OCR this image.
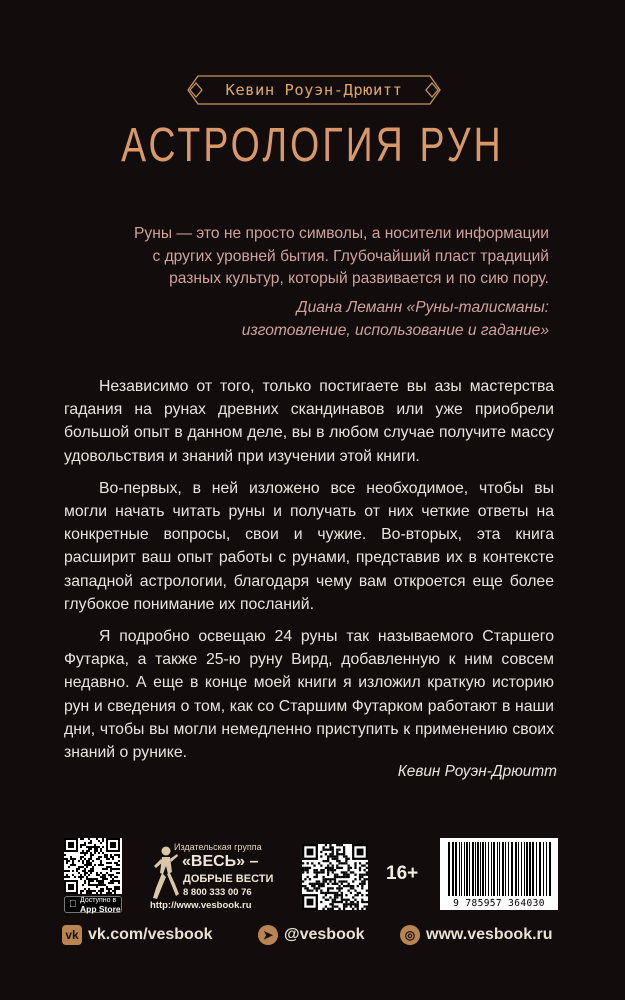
Кевин Роуэн-Дрюитт
АСТРОЛОГИЯ РУН
Руны — это не просто символы, а носители информации
с других уровней бытия. Глубочайший пласт традиций
разных культур, который развивается и по сию пору.
Диана Леманн «Руны-талисманы:
изготовление, использование и гадание»

Независимо от того, только постигаете вы азы мастерства гадания на рунах древних скандинавов или уже приобрели большой опыт в данном деле, вы в любом случае получите массу удовольствия и знаний при изучении этой книги.

Во-первых, в ней изложено все необходимое, чтобы вы могли начать читать руны и получать от них четкие ответы на конкретные вопросы, свои и чужие. Во-вторых, эта книга расширит ваш опыт работы с рунами, представив их в контексте западной астрологии, благодаря чему вам откроется еще более глубокое понимание их посланий.

Я подробно освещаю 24 руны так называемого Старшего Футарка, а также 25-ю руну Вирд, добавленную к ним совсем недавно. А еще в конце моей книги я изложил краткую историю рун и сведения о том, как со Старшим Футарком работают в наши дни, чтобы вы могли немедленно приступить к применению своих знаний о рунике.

Кевин Роуэн-Дрюитт
Доступно в
App Store
Издательская группа
«ВЕСЬ» –
ДОБРЫЕ ВЕСТИ
8 800 333 00 76
http://www.vesbook.ru
16+
9 785957 364030
vk vk.com/vesbook	➤ @vesbook	◎ www.vesbook.ru
